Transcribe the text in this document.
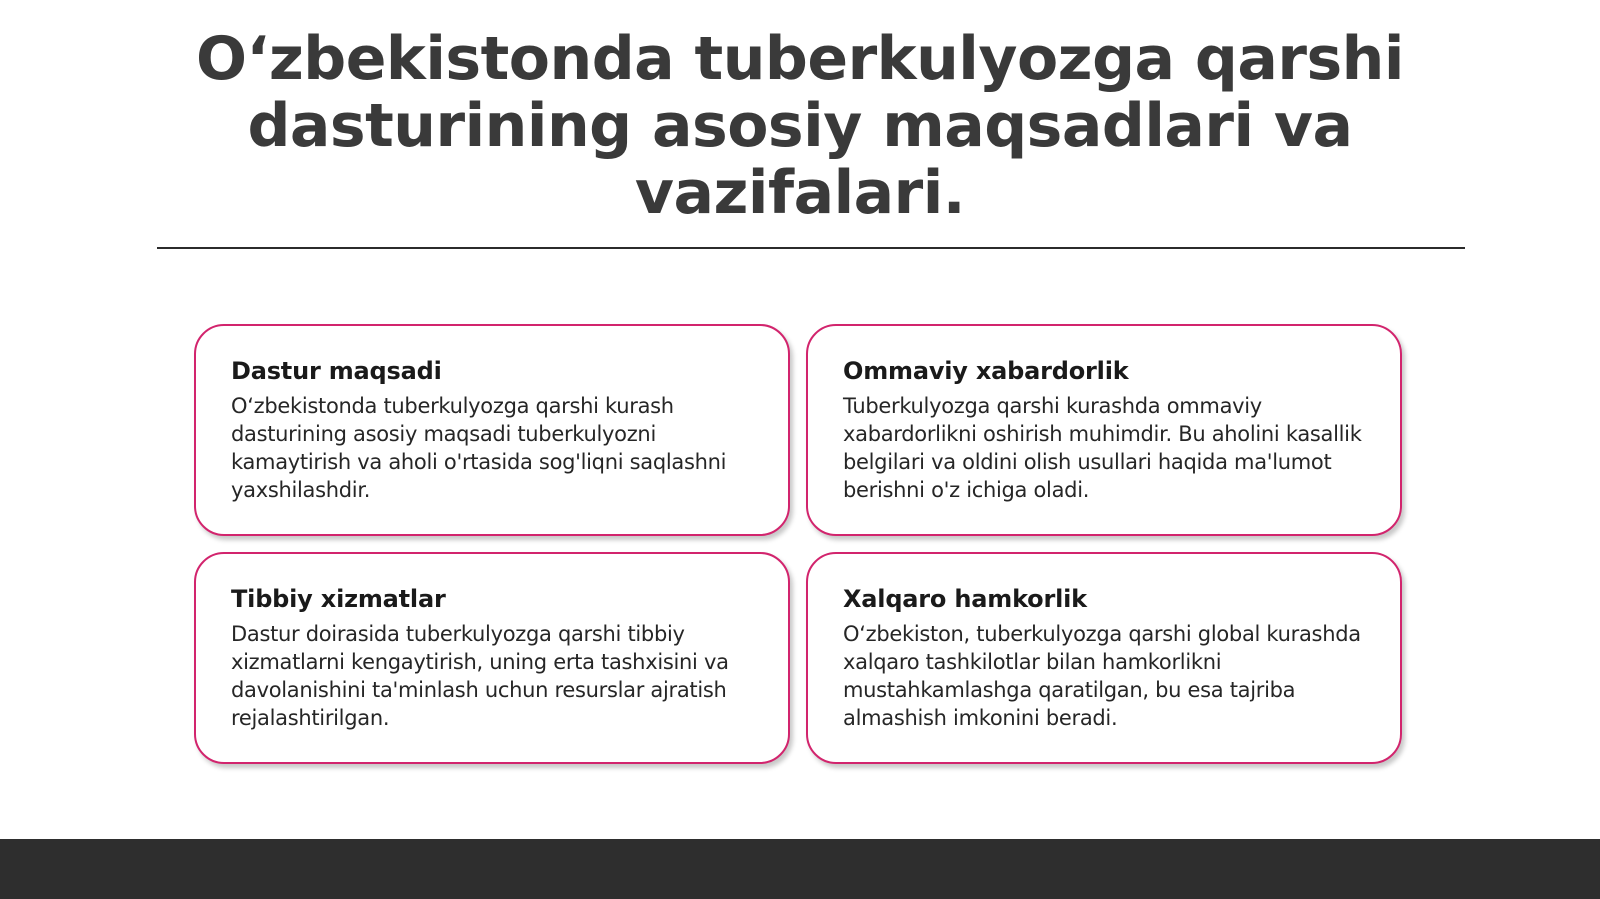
O‘zbekistonda tuberkulyozga qarshi dasturining asosiy maqsadlari va vazifalari.
Dastur maqsadi

O‘zbekistonda tuberkulyozga qarshi kurash dasturining asosiy maqsadi tuberkulyozni kamaytirish va aholi o'rtasida sog'liqni saqlashni yaxshilashdir.

Ommaviy xabardorlik

Tuberkulyozga qarshi kurashda ommaviy xabardorlikni oshirish muhimdir. Bu aholini kasallik belgilari va oldini olish usullari haqida ma'lumot berishni o'z ichiga oladi.

Tibbiy xizmatlar

Dastur doirasida tuberkulyozga qarshi tibbiy xizmatlarni kengaytirish, uning erta tashxisini va davolanishini ta'minlash uchun resurslar ajratish rejalashtirilgan.

Xalqaro hamkorlik

O‘zbekiston, tuberkulyozga qarshi global kurashda xalqaro tashkilotlar bilan hamkorlikni mustahkamlashga qaratilgan, bu esa tajriba almashish imkonini beradi.
